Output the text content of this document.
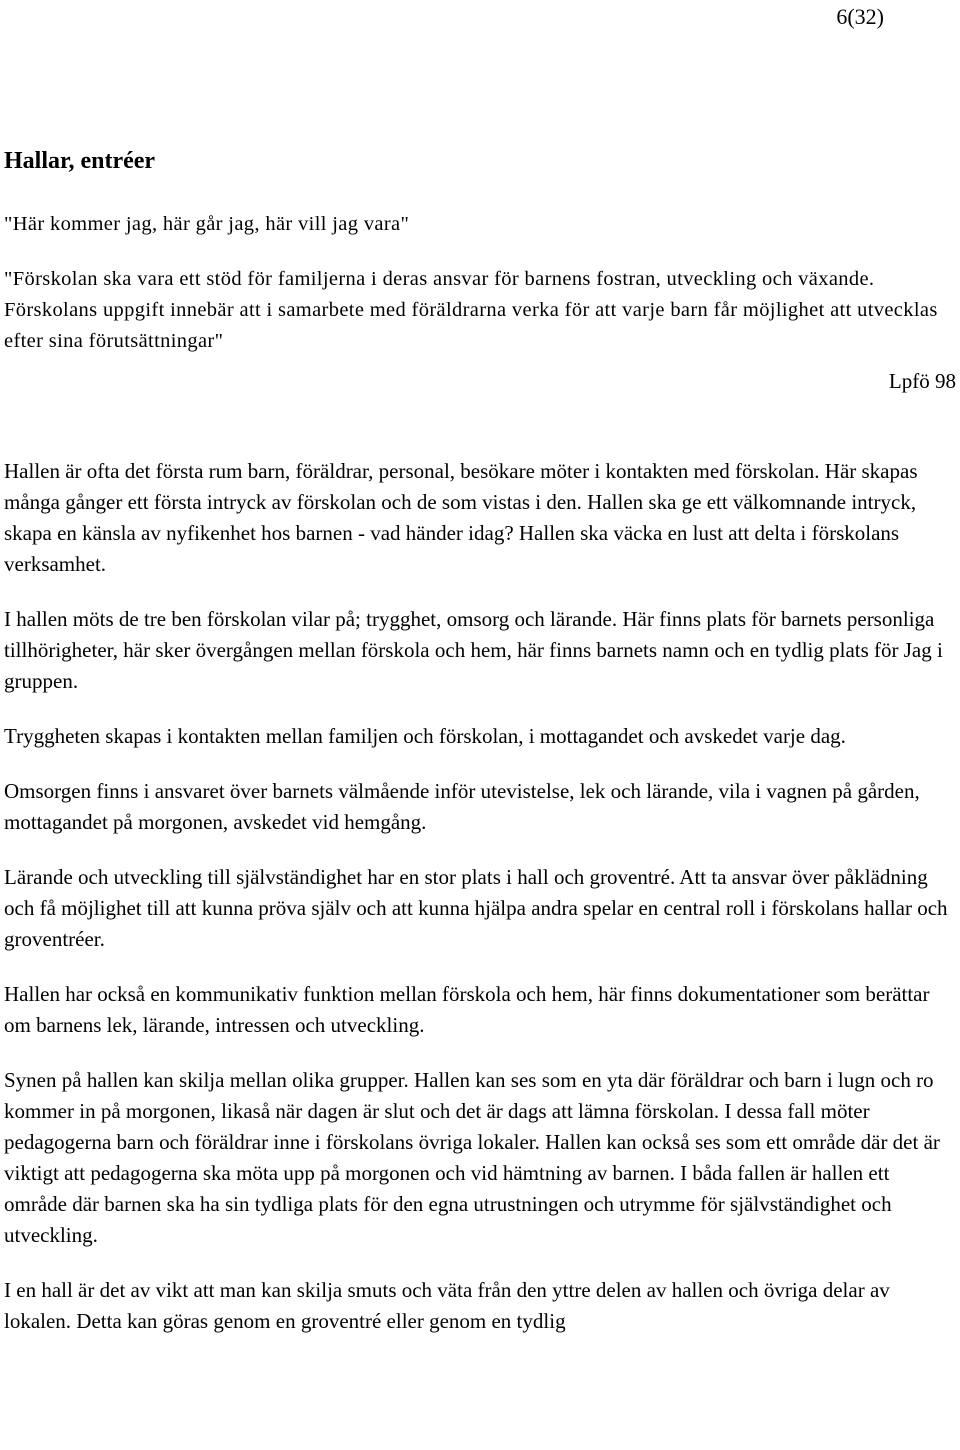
6(32)
Hallar, entréer

"Här kommer jag, här går jag, här vill jag vara"

"Förskolan ska vara ett stöd för familjerna i deras ansvar för barnens fostran, utveckling och växande. Förskolans uppgift innebär att i samarbete med föräldrarna verka för att varje barn får möjlighet att utvecklas efter sina förutsättningar"

Lpfö 98

Hallen är ofta det första rum barn, föräldrar, personal, besökare möter i kontakten med förskolan. Här skapas många gånger ett första intryck av förskolan och de som vistas i den. Hallen ska ge ett välkomnande intryck, skapa en känsla av nyfikenhet hos barnen - vad händer idag? Hallen ska väcka en lust att delta i förskolans verksamhet.

I hallen möts de tre ben förskolan vilar på; trygghet, omsorg och lärande. Här finns plats för barnets personliga tillhörigheter, här sker övergången mellan förskola och hem, här finns barnets namn och en tydlig plats för Jag i gruppen.

Tryggheten skapas i kontakten mellan familjen och förskolan, i mottagandet och avskedet varje dag.

Omsorgen finns i ansvaret över barnets välmående inför utevistelse, lek och lärande, vila i vagnen på gården, mottagandet på morgonen, avskedet vid hemgång.

Lärande och utveckling till självständighet har en stor plats i hall och groventré. Att ta ansvar över påklädning och få möjlighet till att kunna pröva själv och att kunna hjälpa andra spelar en central roll i förskolans hallar och groventréer.

Hallen har också en kommunikativ funktion mellan förskola och hem, här finns dokumentationer som berättar om barnens lek, lärande, intressen och utveckling.

Synen på hallen kan skilja mellan olika grupper. Hallen kan ses som en yta där föräldrar och barn i lugn och ro kommer in på morgonen, likaså när dagen är slut och det är dags att lämna förskolan. I dessa fall möter pedagogerna barn och föräldrar inne i förskolans övriga lokaler. Hallen kan också ses som ett område där det är viktigt att pedagogerna ska möta upp på morgonen och vid hämtning av barnen. I båda fallen är hallen ett område där barnen ska ha sin tydliga plats för den egna utrustningen och utrymme för självständighet och utveckling.

I en hall är det av vikt att man kan skilja smuts och väta från den yttre delen av hallen och övriga delar av lokalen. Detta kan göras genom en groventré eller genom en tydlig
